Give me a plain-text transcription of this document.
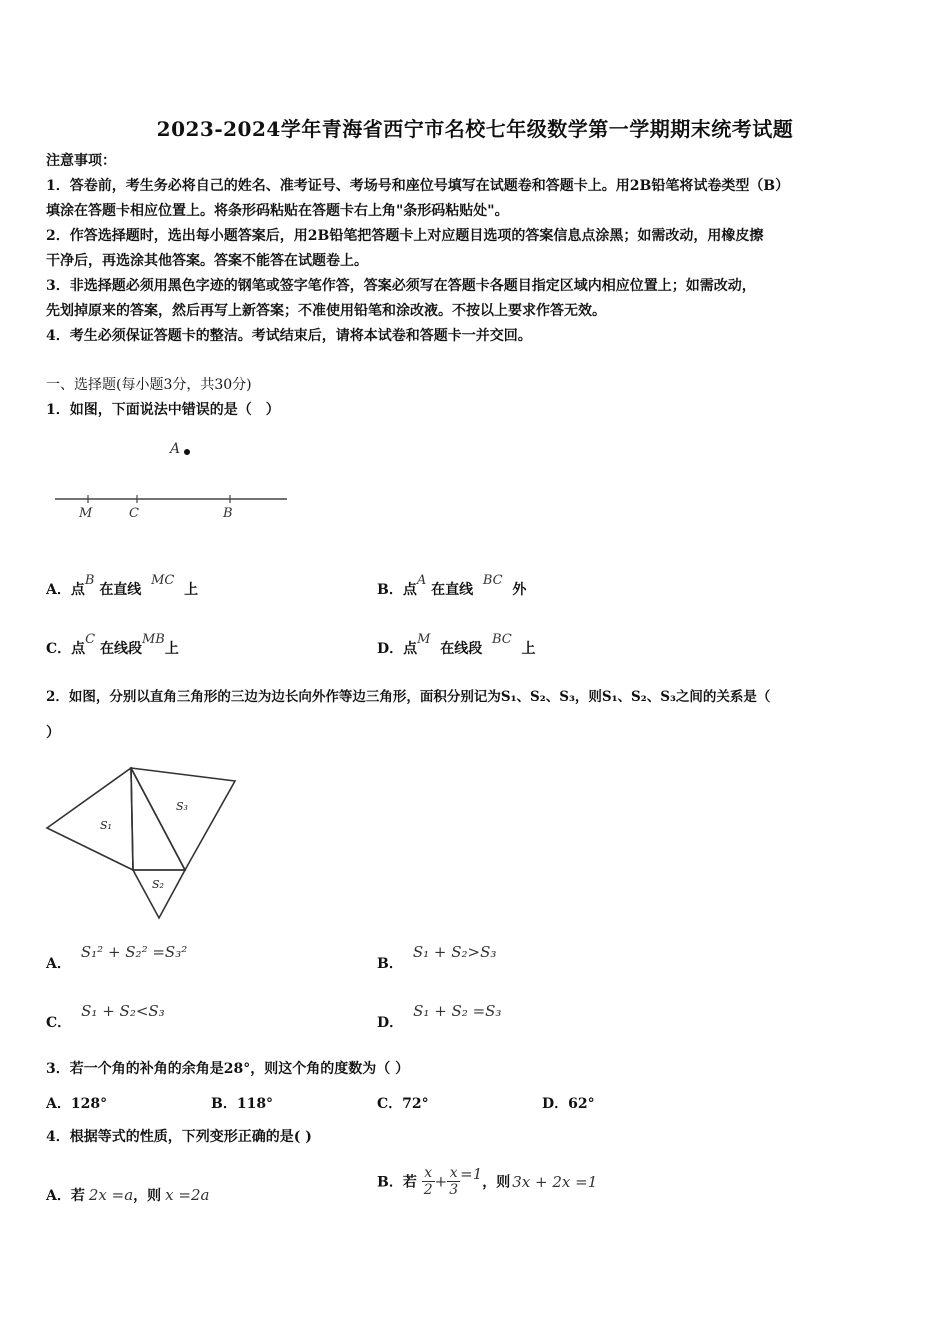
2023-2024学年青海省西宁市名校七年级数学第一学期期末统考试题
注意事项：
1．答卷前，考生务必将自己的姓名、准考证号、考场号和座位号填写在试题卷和答题卡上。用2B铅笔将试卷类型（B）
填涂在答题卡相应位置上。将条形码粘贴在答题卡右上角"条形码粘贴处"。
2．作答选择题时，选出每小题答案后，用2B铅笔把答题卡上对应题目选项的答案信息点涂黑；如需改动，用橡皮擦
干净后，再选涂其他答案。答案不能答在试题卷上。
3．非选择题必须用黑色字迹的钢笔或签字笔作答，答案必须写在答题卡各题目指定区域内相应位置上；如需改动，
先划掉原来的答案，然后再写上新答案；不准使用铅笔和涂改液。不按以上要求作答无效。
4．考生必须保证答题卡的整洁。考试结束后，请将本试卷和答题卡一并交回。
一、选择题(每小题3分，共30分)
1．如图，下面说法中错误的是（　）
A
M	C	B
A．点B 在直线  MC  上	B．点A 在直线  BC  外
C．点C 在线段MB上	D．点M  在线段  BC  上
2．如图，分别以直角三角形的三边为边长向外作等边三角形，面积分别记为S₁、S₂、S₃，则S₁、S₂、S₃之间的关系是（
）
S₁
S₃
S₂
A．S₁² + S₂² =S₃²
B．S₁ + S₂>S₃
C．S₁ + S₂<S₃
D．S₁ + S₂ =S₃
3．若一个角的补角的余角是28°，则这个角的度数为（ ）
A．128°	B．118°	C．72°	D．62°
4．根据等式的性质，下列变形正确的是( )
A．若 2x =a，则 x =2a
B．若 $\frac{x}{2} + \frac{x}{3} =1$，则 3x + 2x =1
